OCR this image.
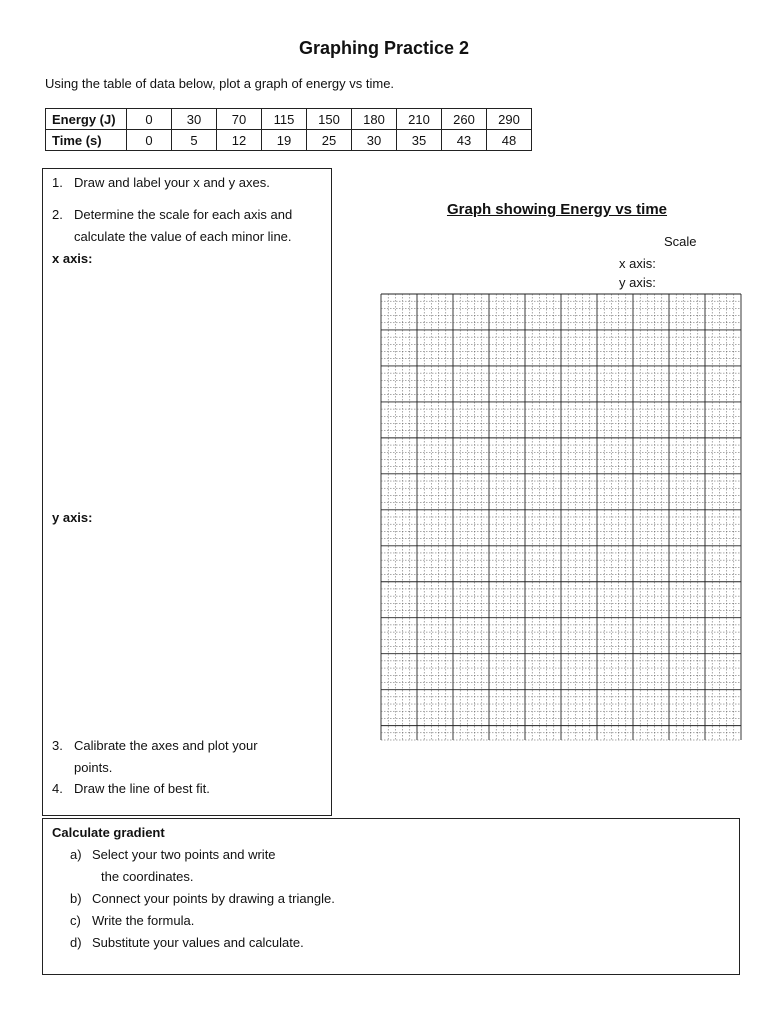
Graphing Practice 2
Using the table of data below, plot a graph of energy vs time.
Energy (J)	0	30	70	115	150	180	210	260	290
Time (s)	0	5	12	19	25	30	35	43	48
1. Draw and label your x and y axes.
2. Determine the scale for each axis and
calculate the value of each minor line.
x axis:
y axis:
3. Calibrate the axes and plot your
points.
4. Draw the line of best fit.
Graph showing Energy vs time
Scale
x axis:
y axis:
Calculate gradient
a) Select your two points and write
the coordinates.
b) Connect your points by drawing a triangle.
c) Write the formula.
d) Substitute your values and calculate.
